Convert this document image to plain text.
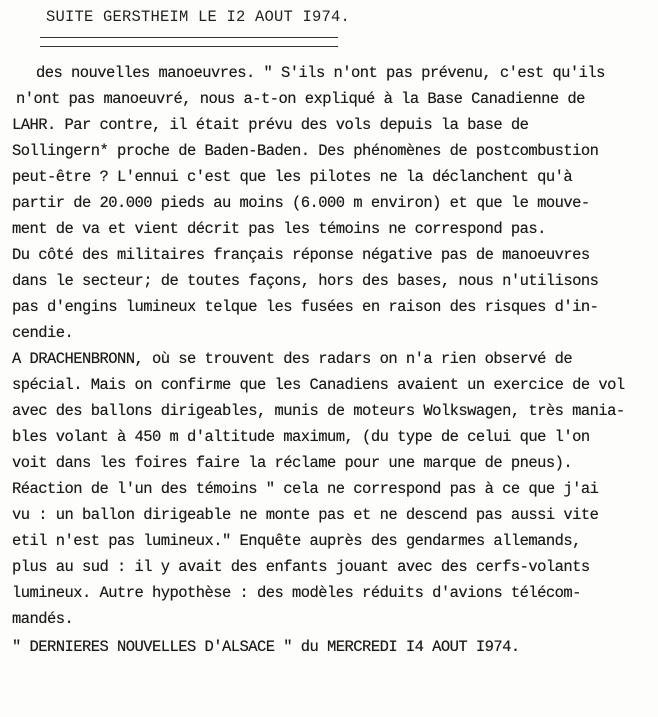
SUITE GERSTHEIM LE I2 AOUT I974.
des nouvelles manoeuvres. " S'ils n'ont pas prévenu, c'est qu'ils
n'ont pas manoeuvré, nous a-t-on expliqué à la Base Canadienne de
LAHR. Par contre, il était prévu des vols depuis la base de
Sollingern* proche de Baden-Baden. Des phénomènes de postcombustion
peut-être ? L'ennui c'est que les pilotes ne la déclanchent qu'à
partir de 20.000 pieds au moins (6.000 m environ) et que le mouve-
ment de va et vient décrit pas les témoins ne correspond pas.
Du côté des militaires français réponse négative pas de manoeuvres
dans le secteur; de toutes façons, hors des bases, nous n'utilisons
pas d'engins lumineux telque les fusées en raison des risques d'in-
cendie.
A DRACHENBRONN, où se trouvent des radars on n'a rien observé de
spécial. Mais on confirme que les Canadiens avaient un exercice de vol
avec des ballons dirigeables, munis de moteurs Wolkswagen, très mania-
bles volant à 450 m d'altitude maximum, (du type de celui que l'on
voit dans les foires faire la réclame pour une marque de pneus).
Réaction de l'un des témoins " cela ne correspond pas à ce que j'ai
vu : un ballon dirigeable ne monte pas et ne descend pas aussi vite
etil n'est pas lumineux." Enquête auprès des gendarmes allemands,
plus au sud : il y avait des enfants jouant avec des cerfs-volants
lumineux. Autre hypothèse : des modèles réduits d'avions télécom-
mandés.
" DERNIERES NOUVELLES D'ALSACE " du MERCREDI I4 AOUT I974.
